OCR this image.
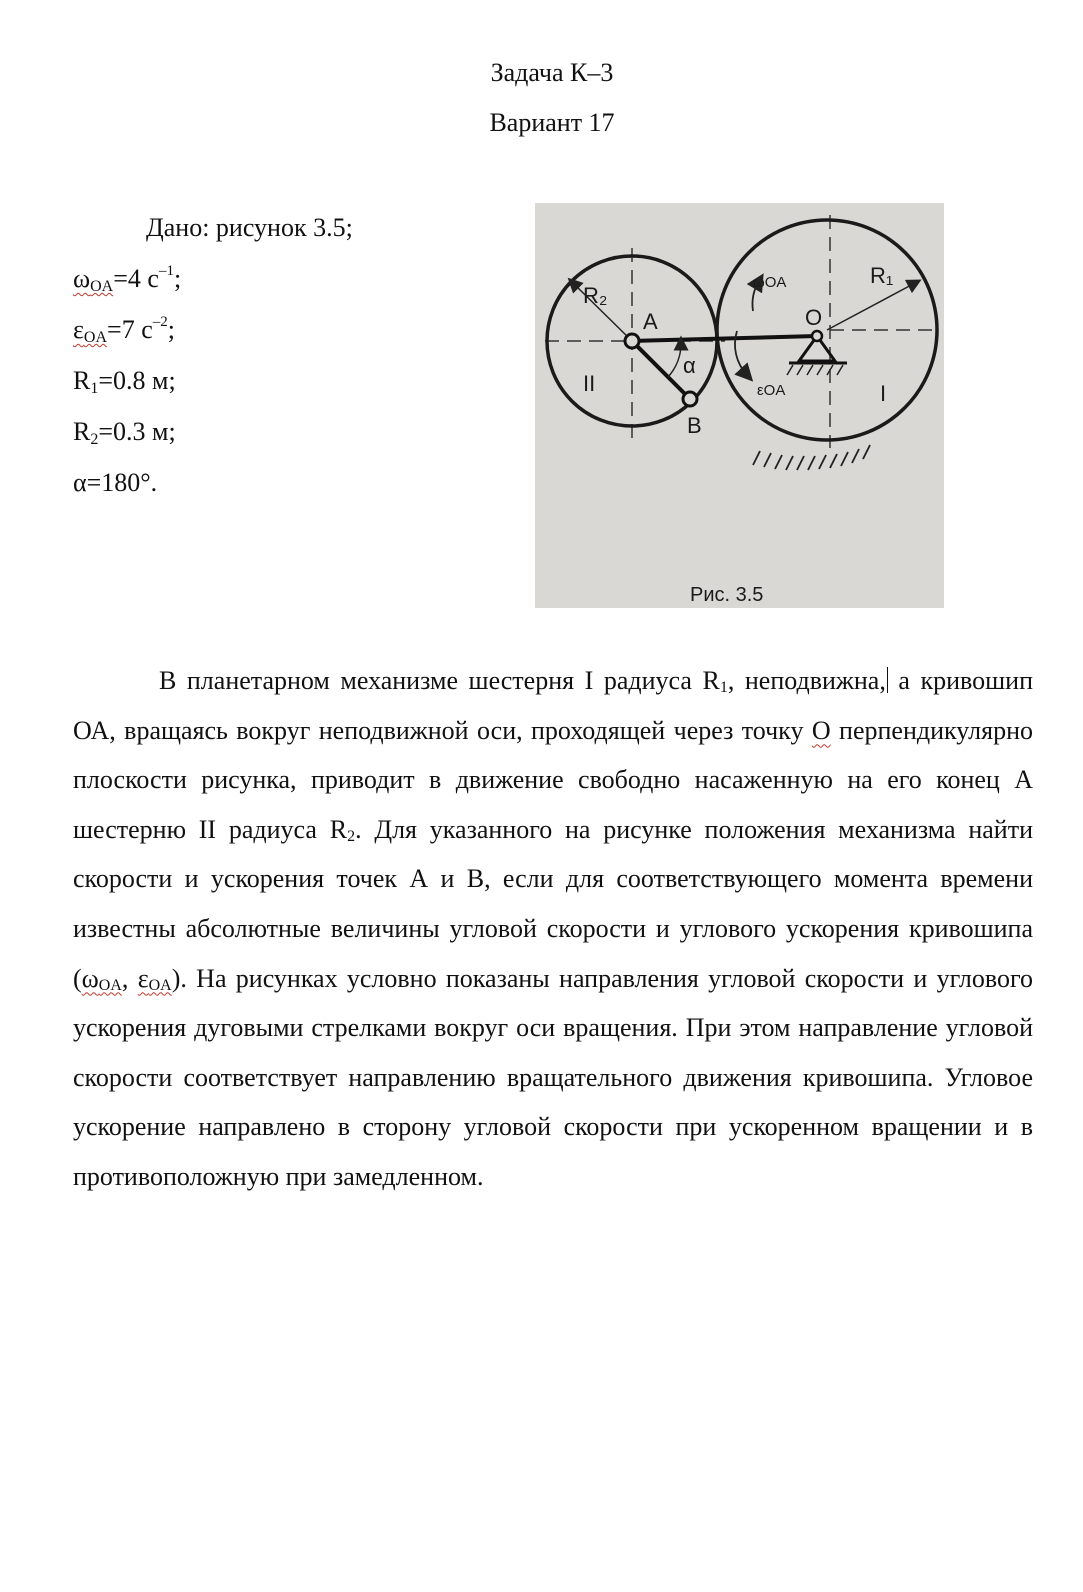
Задача К–3
Вариант 17
Дано: рисунок 3.5;
$\omega_{OA}=4$ $с^{-1}$;
$\varepsilon_{OA}=7$ $с^{-2}$;
$R_1=0.8$ м;
$R_2=0.3$ м;
α=180°.
R₂
A
α
II
B
ωOA
O
R₁
εOA	I
Рис. 3.5
В планетарном механизме шестерня I радиуса R1, неподвижна, а кривошип ОА, вращаясь вокруг неподвижной оси, проходящей через точку О перпендикулярно плоскости рисунка, приводит в движение свободно насаженную на его конец А шестерню II радиуса R2. Для указанного на рисунке положения механизма найти скорости и ускорения точек А и В, если для соответствующего момента времени известны абсолютные величины угловой скорости и углового ускорения кривошипа (ωOA, εOA). На рисунках условно показаны направления угловой скорости и углового ускорения дуговыми стрелками вокруг оси вращения. При этом направление угловой скорости соответствует направлению вращательного движения кривошипа. Угловое ускорение направлено в сторону угловой скорости при ускоренном вращении и в противоположную при замедленном.
